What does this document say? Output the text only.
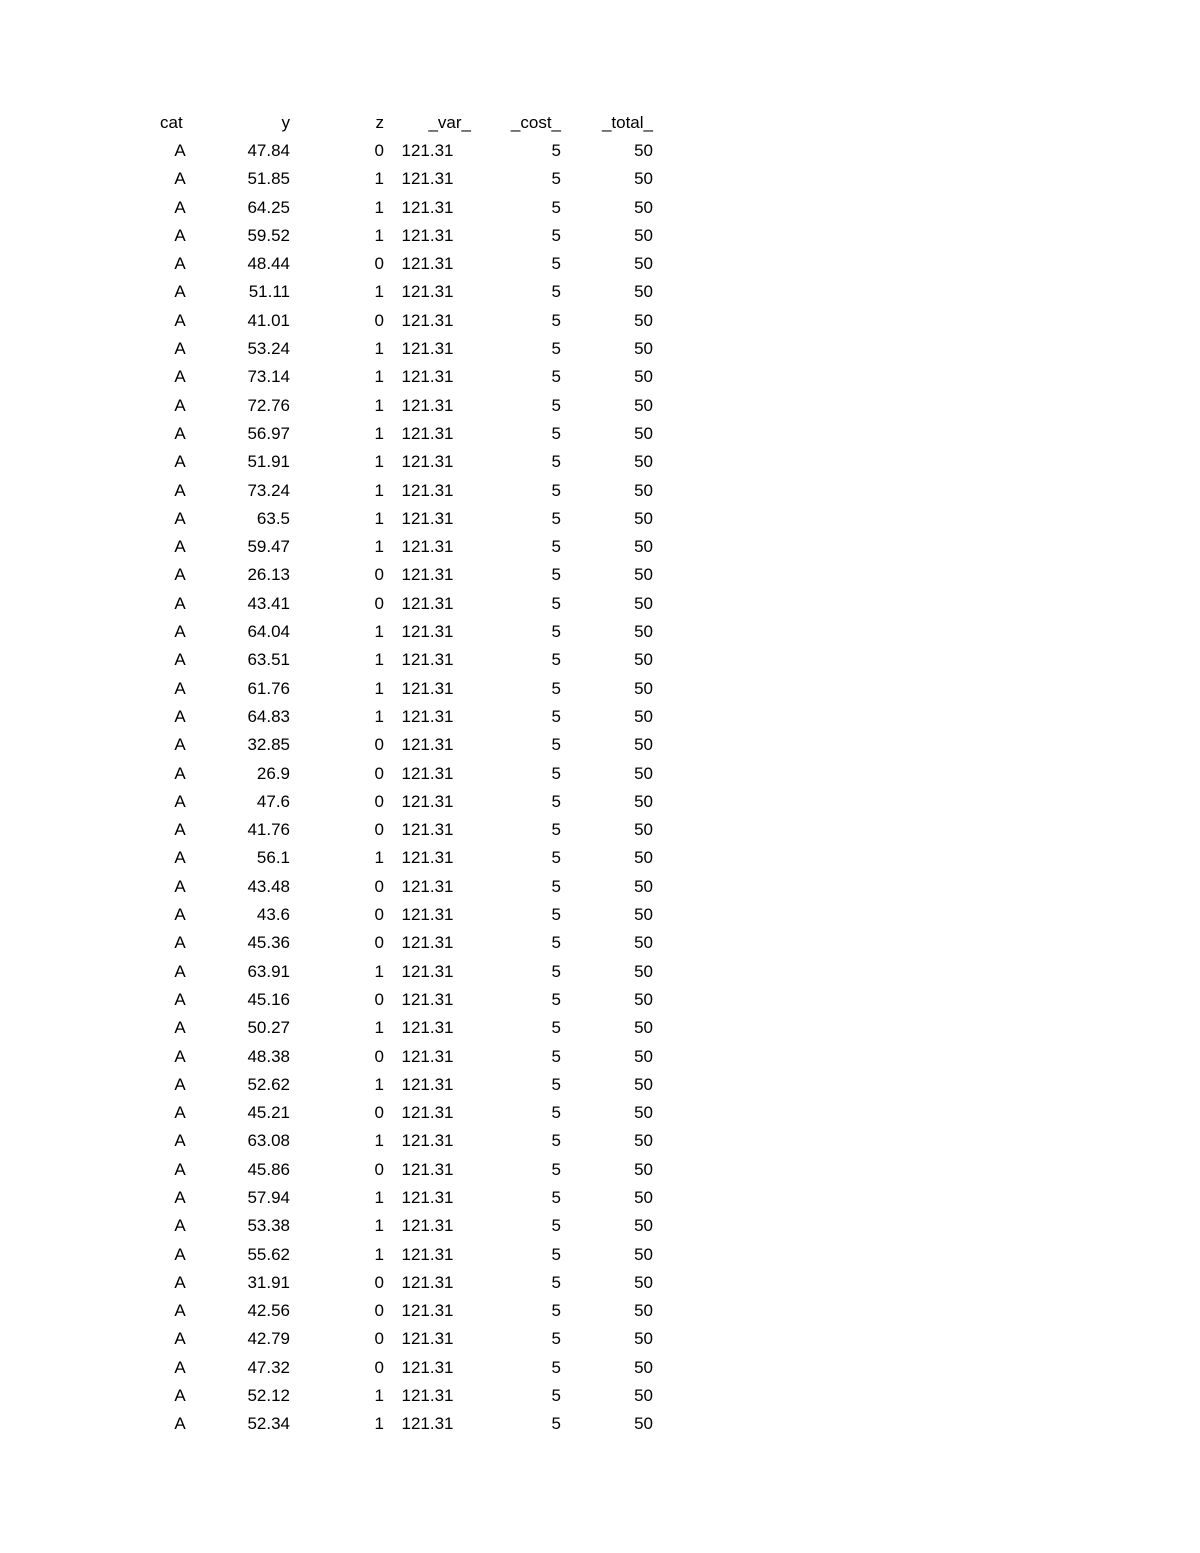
cat	y	z	_var_	_cost_	_total_
A	47.84	0	121.31	5	50
A	51.85	1	121.31	5	50
A	64.25	1	121.31	5	50
A	59.52	1	121.31	5	50
A	48.44	0	121.31	5	50
A	51.11	1	121.31	5	50
A	41.01	0	121.31	5	50
A	53.24	1	121.31	5	50
A	73.14	1	121.31	5	50
A	72.76	1	121.31	5	50
A	56.97	1	121.31	5	50
A	51.91	1	121.31	5	50
A	73.24	1	121.31	5	50
A	63.5	1	121.31	5	50
A	59.47	1	121.31	5	50
A	26.13	0	121.31	5	50
A	43.41	0	121.31	5	50
A	64.04	1	121.31	5	50
A	63.51	1	121.31	5	50
A	61.76	1	121.31	5	50
A	64.83	1	121.31	5	50
A	32.85	0	121.31	5	50
A	26.9	0	121.31	5	50
A	47.6	0	121.31	5	50
A	41.76	0	121.31	5	50
A	56.1	1	121.31	5	50
A	43.48	0	121.31	5	50
A	43.6	0	121.31	5	50
A	45.36	0	121.31	5	50
A	63.91	1	121.31	5	50
A	45.16	0	121.31	5	50
A	50.27	1	121.31	5	50
A	48.38	0	121.31	5	50
A	52.62	1	121.31	5	50
A	45.21	0	121.31	5	50
A	63.08	1	121.31	5	50
A	45.86	0	121.31	5	50
A	57.94	1	121.31	5	50
A	53.38	1	121.31	5	50
A	55.62	1	121.31	5	50
A	31.91	0	121.31	5	50
A	42.56	0	121.31	5	50
A	42.79	0	121.31	5	50
A	47.32	0	121.31	5	50
A	52.12	1	121.31	5	50
A	52.34	1	121.31	5	50
